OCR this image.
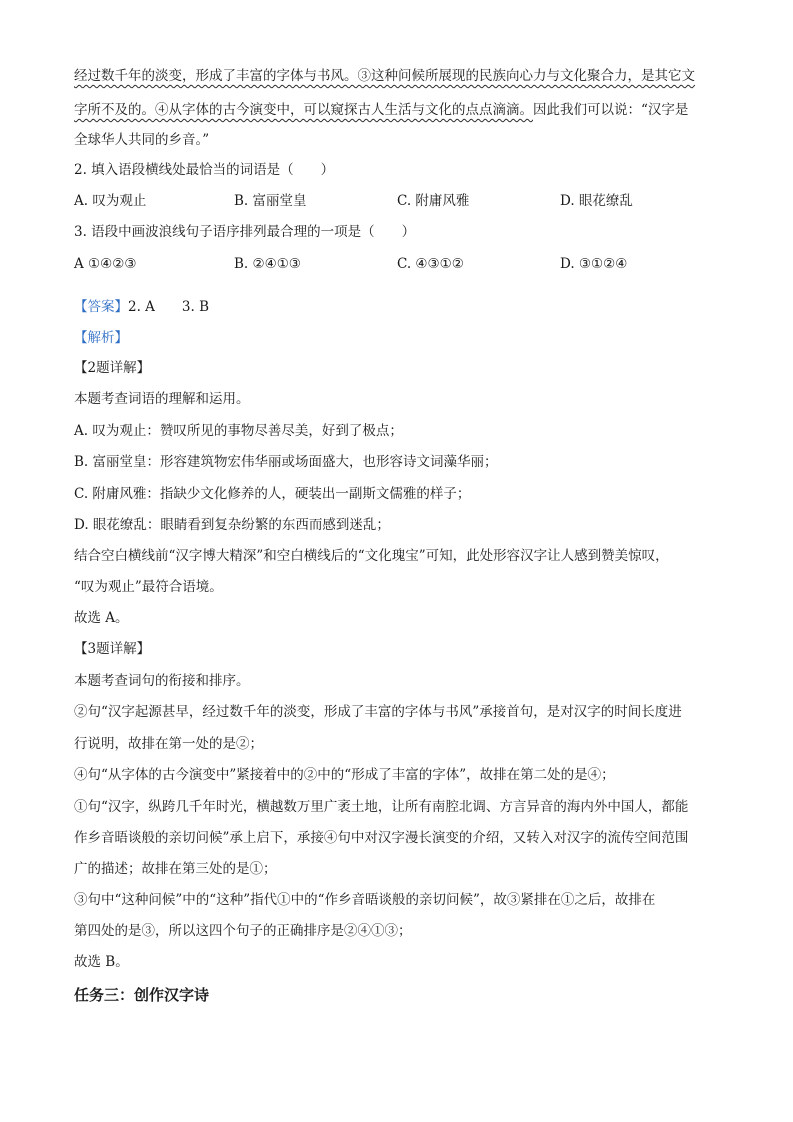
经过数千年的淡变，形成了丰富的字体与书风。③这种问候所展现的民族向心力与文化聚合力，是其它文
字所不及的。④从字体的古今演变中，可以窥探古人生活与文化的点点滴滴。因此我们可以说：“汉字是
全球华人共同的乡音。”
2. 填入语段横线处最恰当的词语是（　　）
A. 叹为观止	B. 富丽堂皇	C. 附庸风雅	D. 眼花缭乱
3. 语段中画波浪线句子语序排列最合理的一项是（　　）
A ①④②③	B. ②④①③	C. ④③①②	D. ③①②④
【答案】2. A　　3. B
【解析】
【2题详解】
本题考查词语的理解和运用。
A. 叹为观止：赞叹所见的事物尽善尽美，好到了极点；
B. 富丽堂皇：形容建筑物宏伟华丽或场面盛大，也形容诗文词藻华丽；
C. 附庸风雅：指缺少文化修养的人，硬装出一副斯文儒雅的样子；
D. 眼花缭乱：眼睛看到复杂纷繁的东西而感到迷乱；
结合空白横线前“汉字博大精深”和空白横线后的“文化瑰宝”可知，此处形容汉字让人感到赞美惊叹，
“叹为观止”最符合语境。
故选 A。
【3题详解】
本题考查词句的衔接和排序。
②句“汉字起源甚早，经过数千年的淡变，形成了丰富的字体与书风”承接首句，是对汉字的时间长度进
行说明，故排在第一处的是②；
④句“从字体的古今演变中”紧接着中的②中的“形成了丰富的字体”，故排在第二处的是④；
①句“汉字，纵跨几千年时光，横越数万里广袤土地，让所有南腔北调、方言异音的海内外中国人，都能
作乡音晤谈般的亲切问候”承上启下，承接④句中对汉字漫长演变的介绍，又转入对汉字的流传空间范围
广的描述；故排在第三处的是①；
③句中“这种问候”中的“这种”指代①中的“作乡音晤谈般的亲切问候”，故③紧排在①之后，故排在
第四处的是③，所以这四个句子的正确排序是②④①③；
故选 B。
任务三：创作汉字诗
